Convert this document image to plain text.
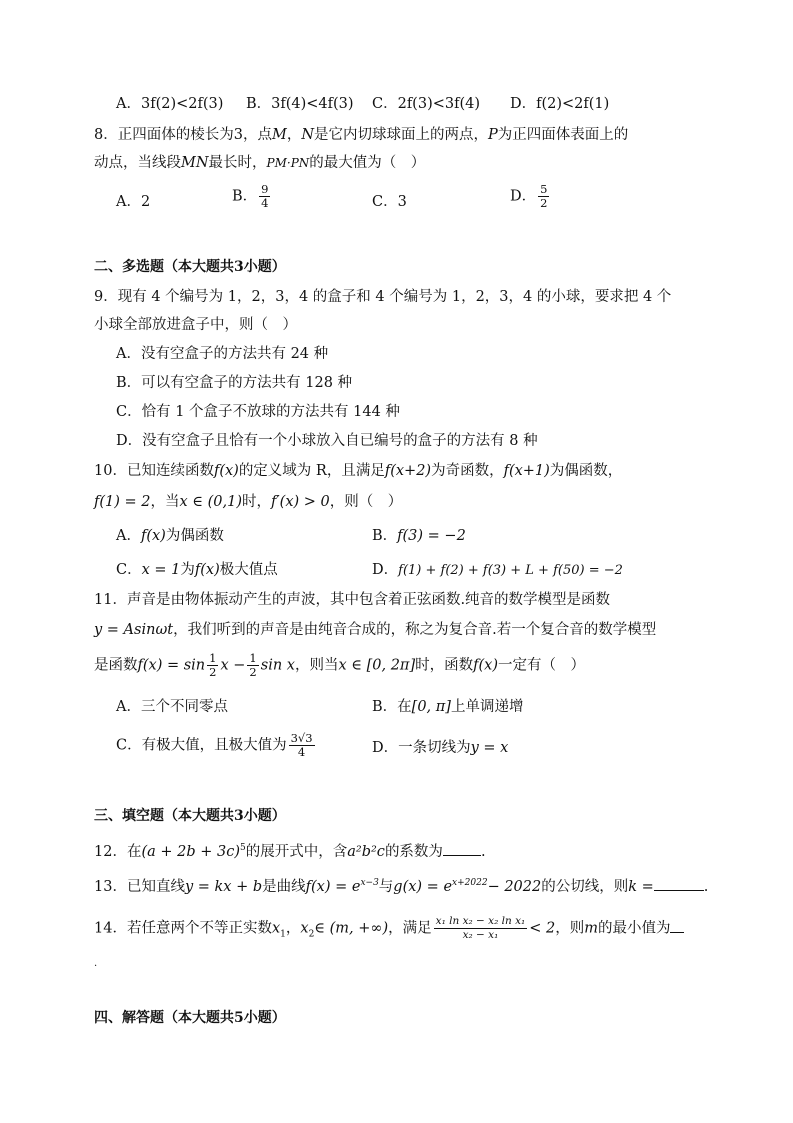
A．3f(2)<2f(3) B．3f(4)<4f(3) C．2f(3)<3f(4) D．f(2)<2f(1)
8．正四面体的棱长为3，点M，N是它内切球球面上的两点，P为正四面体表面上的
动点，当线段MN最长时，PM·PN的最大值为（　）
A．2	B． $\frac{9}{4}$	C．3	D． $\frac{5}{2}$
二、多选题（本大题共3小题）
9．现有 4 个编号为 1，2，3，4 的盒子和 4 个编号为 1，2，3，4 的小球，要求把 4 个
小球全部放进盒子中，则（　）
A．没有空盒子的方法共有 24 种
B．可以有空盒子的方法共有 128 种
C．恰有 1 个盒子不放球的方法共有 144 种
D．没有空盒子且恰有一个小球放入自已编号的盒子的方法有 8 种
10．已知连续函数f(x)的定义域为 R，且满足f(x+2)为奇函数，f(x+1)为偶函数，
f(1) = 2，当x ∈ (0,1)时，f′(x) > 0，则（　）
A．f(x)为偶函数	B．f(3) = −2
C．x = 1为f(x)极大值点	D．f(1) + f(2) + f(3) + L + f(50) = −2
11．声音是由物体振动产生的声波，其中包含着正弦函数.纯音的数学模型是函数
y = Asinωt，我们听到的声音是由纯音合成的，称之为复合音.若一个复合音的数学模型
是函数$f(x) = \sin \frac{1}{2}$ $x - \frac{1}{2}$ sin x，则当x ∈ [0, 2π]时，函数f(x)一定有（　）
A．三个不同零点	B．在[0, π]上单调递增
C．有极大值，且极大值为 $\frac{3√3}{4}$	D．一条切线为y = x
三、填空题（本大题共3小题）
12．在$(a + 2b + 3c)^5$的展开式中，含a²b²c的系数为	.
13．已知直线y = kx + b是曲线$f(x) = e^{x-3}$与$g(x) = e^{x+2022}- 2022$的公切线，则k =	.
14．若任意两个不等正实数$x_1$，$x_2\in$ (m, +∞)，满足 $\frac{\text{x₁ ln x₂ − x₂ ln x₁}}{\text{x₂ − x₁}} < 2$，则m的最小值为
.
四、解答题（本大题共5小题）
